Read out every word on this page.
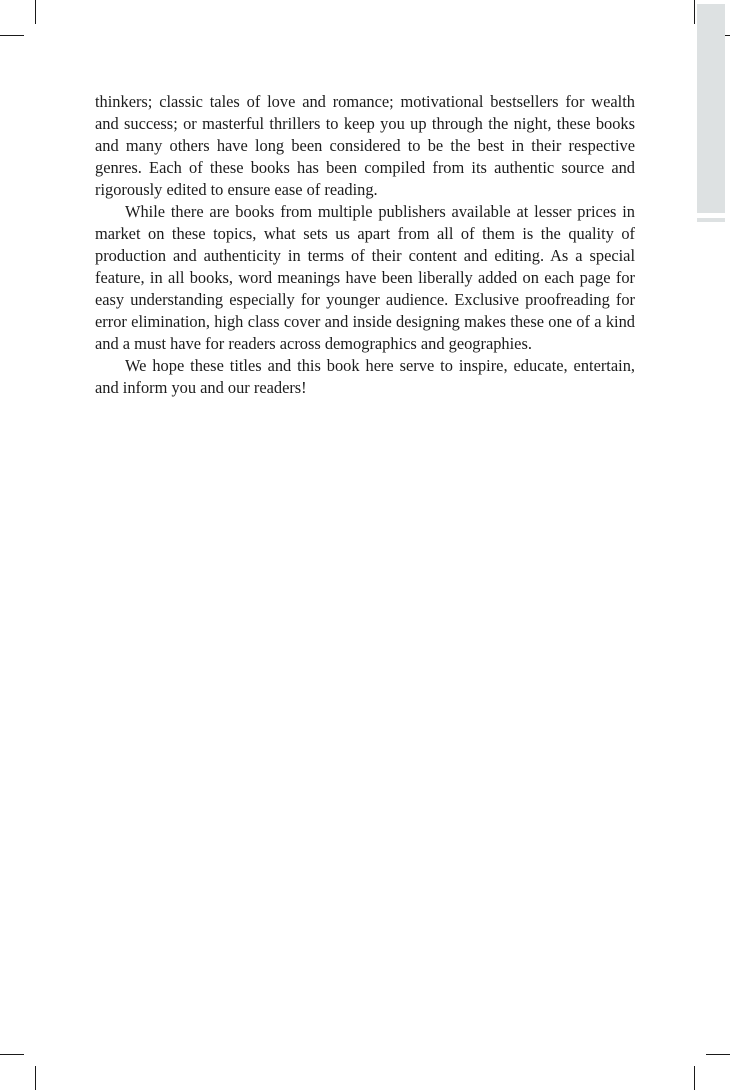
thinkers; classic tales of love and romance; motivational bestsellers for wealth and success; or masterful thrillers to keep you up through the night, these books and many others have long been considered to be the best in their respective genres. Each of these books has been compiled from its authentic source and rigorously edited to ensure ease of reading.

While there are books from multiple publishers available at lesser prices in market on these topics, what sets us apart from all of them is the quality of production and authenticity in terms of their content and editing. As a special feature, in all books, word meanings have been liberally added on each page for easy understanding especially for younger audience. Exclusive proofreading for error elimination, high class cover and inside designing makes these one of a kind and a must have for readers across demographics and geographies.

We hope these titles and this book here serve to inspire, educate, entertain, and inform you and our readers!
